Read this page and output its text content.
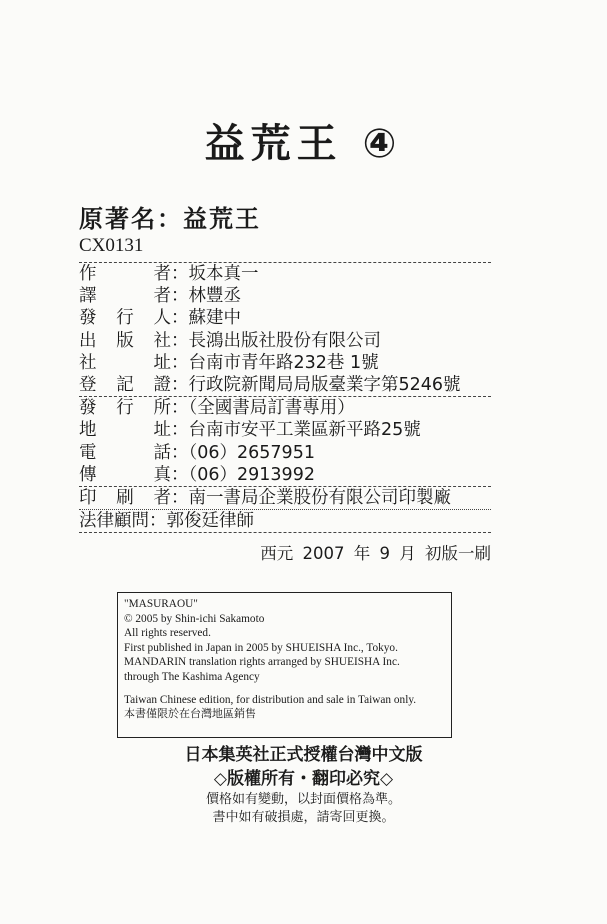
益荒王 ④
原著名：益荒王
CX0131
作	者 ：坂本真一
譯	者 ：林豐丞
發 行 人 ：蘇建中
出 版 社 ：長鴻出版社股份有限公司
社	址 ：台南市青年路232巷 1號
登 記 證 ：行政院新聞局局版臺業字第5246號
發 行 所 ：（全國書局訂書專用）
地	址 ：台南市安平工業區新平路25號
電	話 ：（06）2657951
傳	真 ：（06）2913992
印 刷 者 ：南一書局企業股份有限公司印製廠
法 律 顧 問 ：郭俊廷律師
西元 2007 年 9 月 初版一刷
"MASURAOU"
© 2005 by Shin-ichi Sakamoto
All rights reserved.
First published in Japan in 2005 by SHUEISHA Inc., Tokyo.
MANDARIN translation rights arranged by SHUEISHA Inc.
through The Kashima Agency
Taiwan Chinese edition, for distribution and sale in Taiwan only.
本書僅限於在台灣地區銷售
日本集英社正式授權台灣中文版
◇版權所有・翻印必究◇
價格如有變動，以封面價格為準。
書中如有破損處，請寄回更換。
